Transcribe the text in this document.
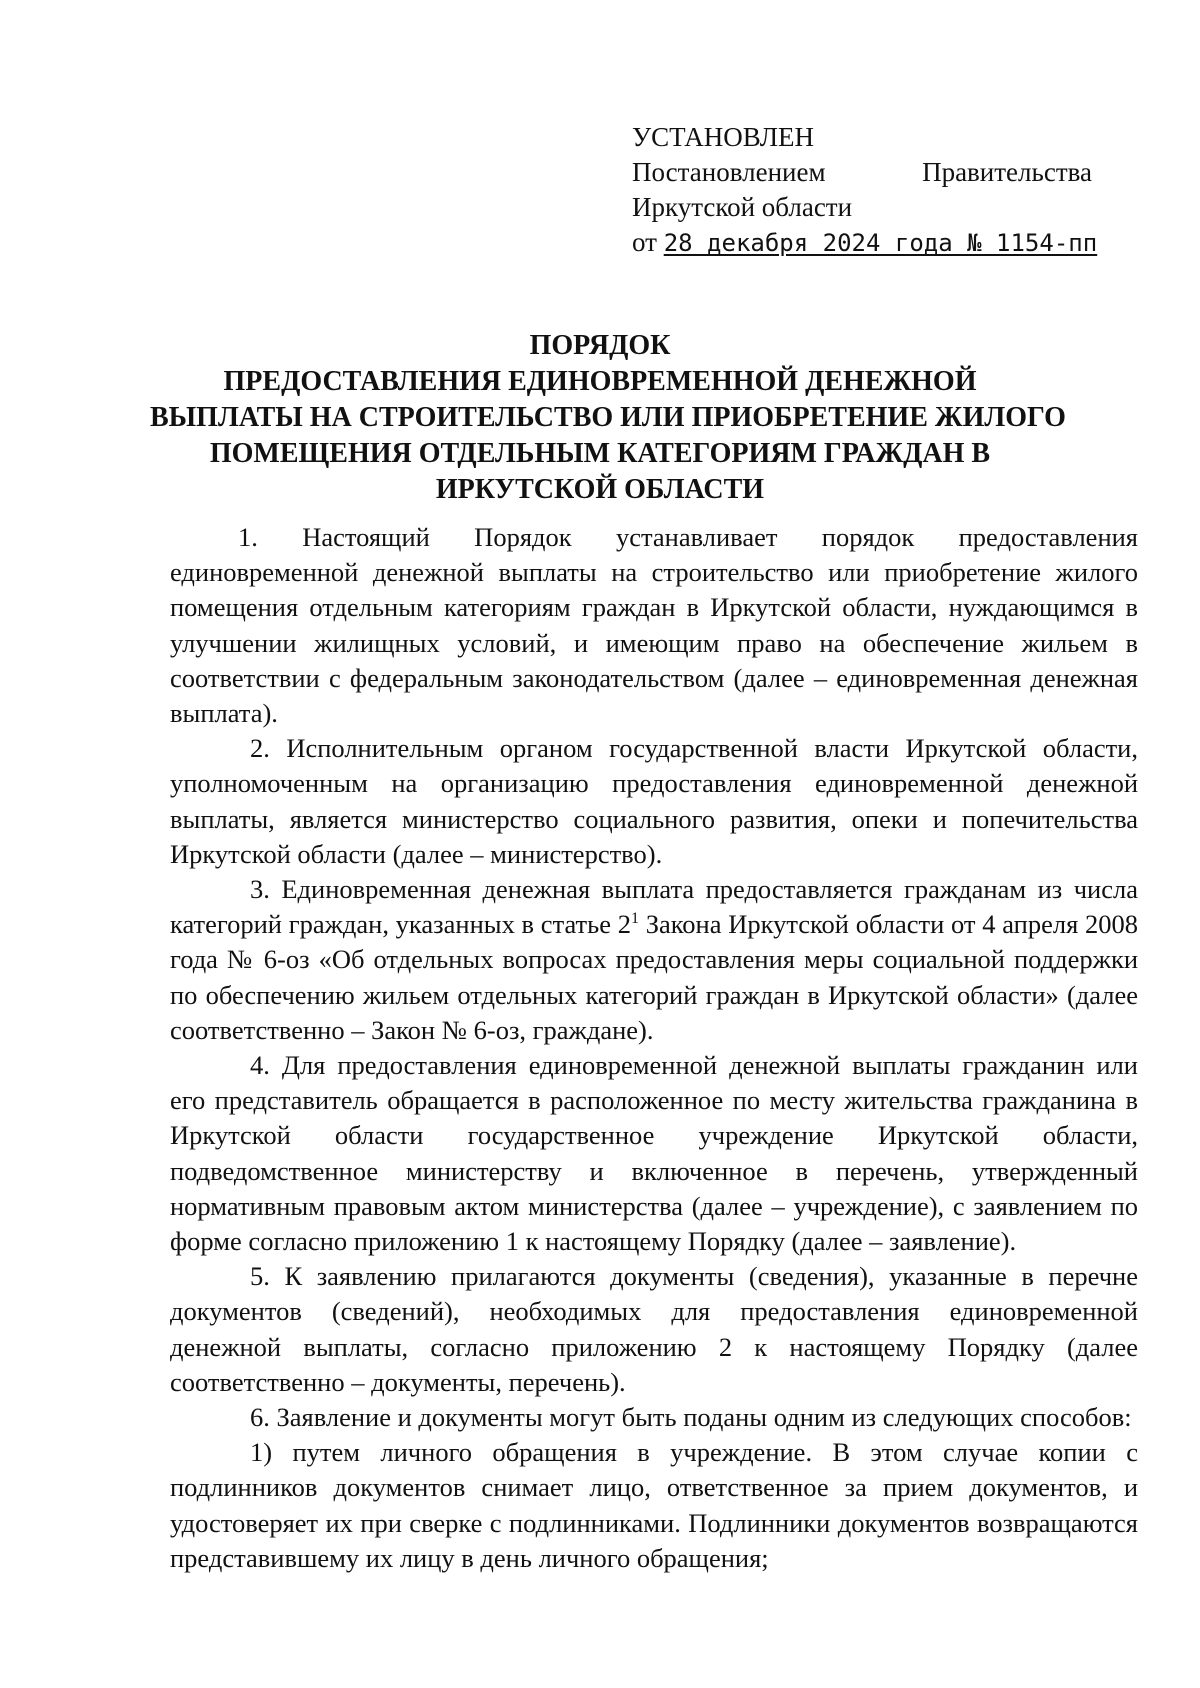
УСТАНОВЛЕН
Постановлением	Правительства
Иркутской области
от 28 декабря 2024 года № 1154-пп
ПОРЯДОК
ПРЕДОСТАВЛЕНИЯ ЕДИНОВРЕМЕННОЙ ДЕНЕЖНОЙ
ВЫПЛАТЫ НА СТРОИТЕЛЬСТВО ИЛИ ПРИОБРЕТЕНИЕ ЖИЛОГО
ПОМЕЩЕНИЯ ОТДЕЛЬНЫМ КАТЕГОРИЯМ ГРАЖДАН В
ИРКУТСКОЙ ОБЛАСТИ

1. Настоящий Порядок устанавливает порядок предоставления единовременной денежной выплаты на строительство или приобретение жилого помещения отдельным категориям граждан в Иркутской области, нуждающимся в улучшении жилищных условий, и имеющим право на обеспечение жильем в соответствии с федеральным законодательством (далее – единовременная денежная выплата).

2. Исполнительным органом государственной власти Иркутской области, уполномоченным на организацию предоставления единовременной денежной выплаты, является министерство социального развития, опеки и попечительства Иркутской области (далее – министерство).

3. Единовременная денежная выплата предоставляется гражданам из числа категорий граждан, указанных в статье $2^1$ Закона Иркутской области от 4 апреля 2008 года № 6-оз «Об отдельных вопросах предоставления меры социальной поддержки по обеспечению жильем отдельных категорий граждан в Иркутской области» (далее соответственно – Закон № 6-оз, граждане).

4. Для предоставления единовременной денежной выплаты гражданин или его представитель обращается в расположенное по месту жительства гражданина в Иркутской области государственное учреждение Иркутской области, подведомственное министерству и включенное в перечень, утвержденный нормативным правовым актом министерства (далее – учреждение), с заявлением по форме согласно приложению 1 к настоящему Порядку (далее – заявление).

5. К заявлению прилагаются документы (сведения), указанные в перечне документов (сведений), необходимых для предоставления единовременной денежной выплаты, согласно приложению 2 к настоящему Порядку (далее соответственно – документы, перечень).

6. Заявление и документы могут быть поданы одним из следующих способов:

1) путем личного обращения в учреждение. В этом случае копии с подлинников документов снимает лицо, ответственное за прием документов, и удостоверяет их при сверке с подлинниками. Подлинники документов возвращаются представившему их лицу в день личного обращения;
